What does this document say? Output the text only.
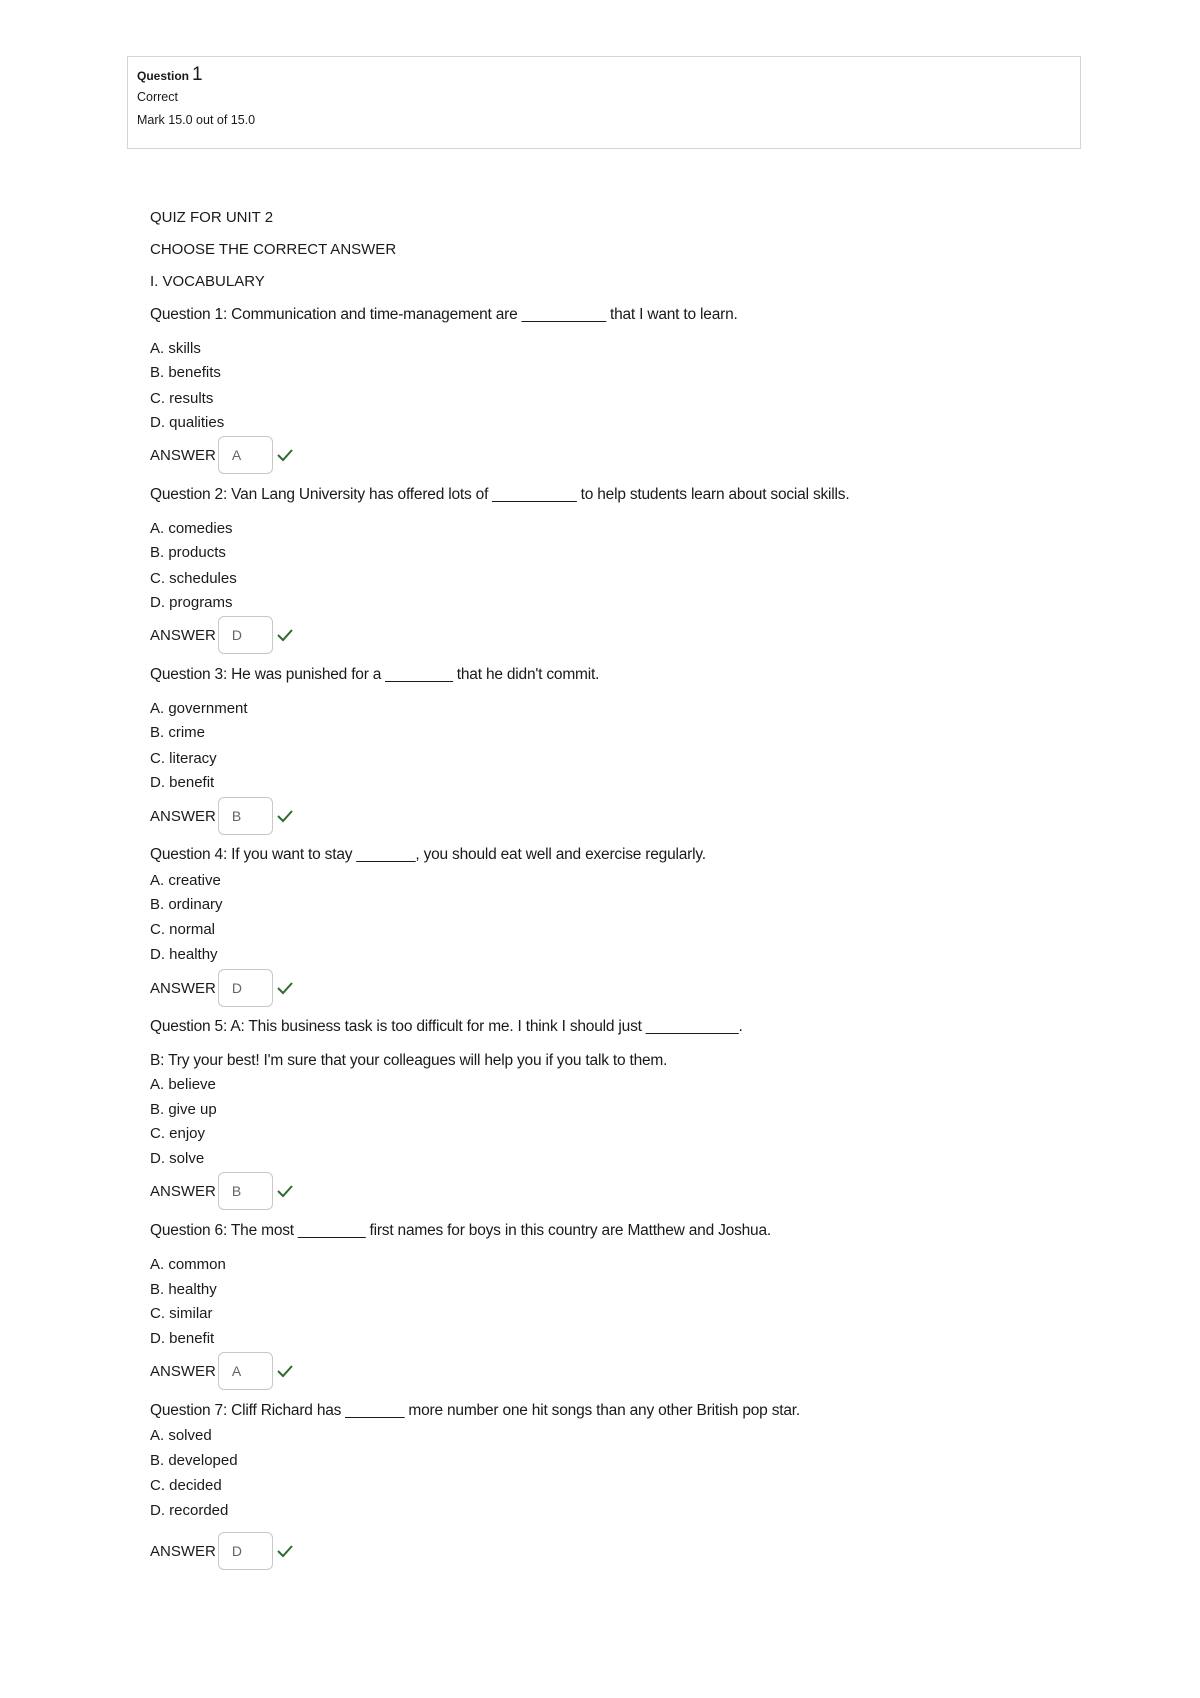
Question 1
Correct
Mark 15.0 out of 15.0
QUIZ FOR UNIT 2
CHOOSE THE CORRECT ANSWER
I. VOCABULARY
Question 1: Communication and time-management are __________ that I want to learn.
A. skills
B. benefits
C. results
D. qualities
ANSWER	A
Question 2: Van Lang University has offered lots of __________ to help students learn about social skills.
A. comedies
B. products
C. schedules
D. programs
ANSWER	D
Question 3: He was punished for a ________ that he didn't commit.
A. government
B. crime
C. literacy
D. benefit
ANSWER	B
Question 4: If you want to stay _______, you should eat well and exercise regularly.
A. creative
B. ordinary
C. normal
D. healthy
ANSWER	D
Question 5: A: This business task is too difficult for me. I think I should just ___________.
B: Try your best! I'm sure that your colleagues will help you if you talk to them.
A. believe
B. give up
C. enjoy
D. solve
ANSWER	B
Question 6: The most ________ first names for boys in this country are Matthew and Joshua.
A. common
B. healthy
C. similar
D. benefit
ANSWER	A
Question 7: Cliff Richard has _______ more number one hit songs than any other British pop star.
A. solved
B. developed
C. decided
D. recorded
ANSWER	D
